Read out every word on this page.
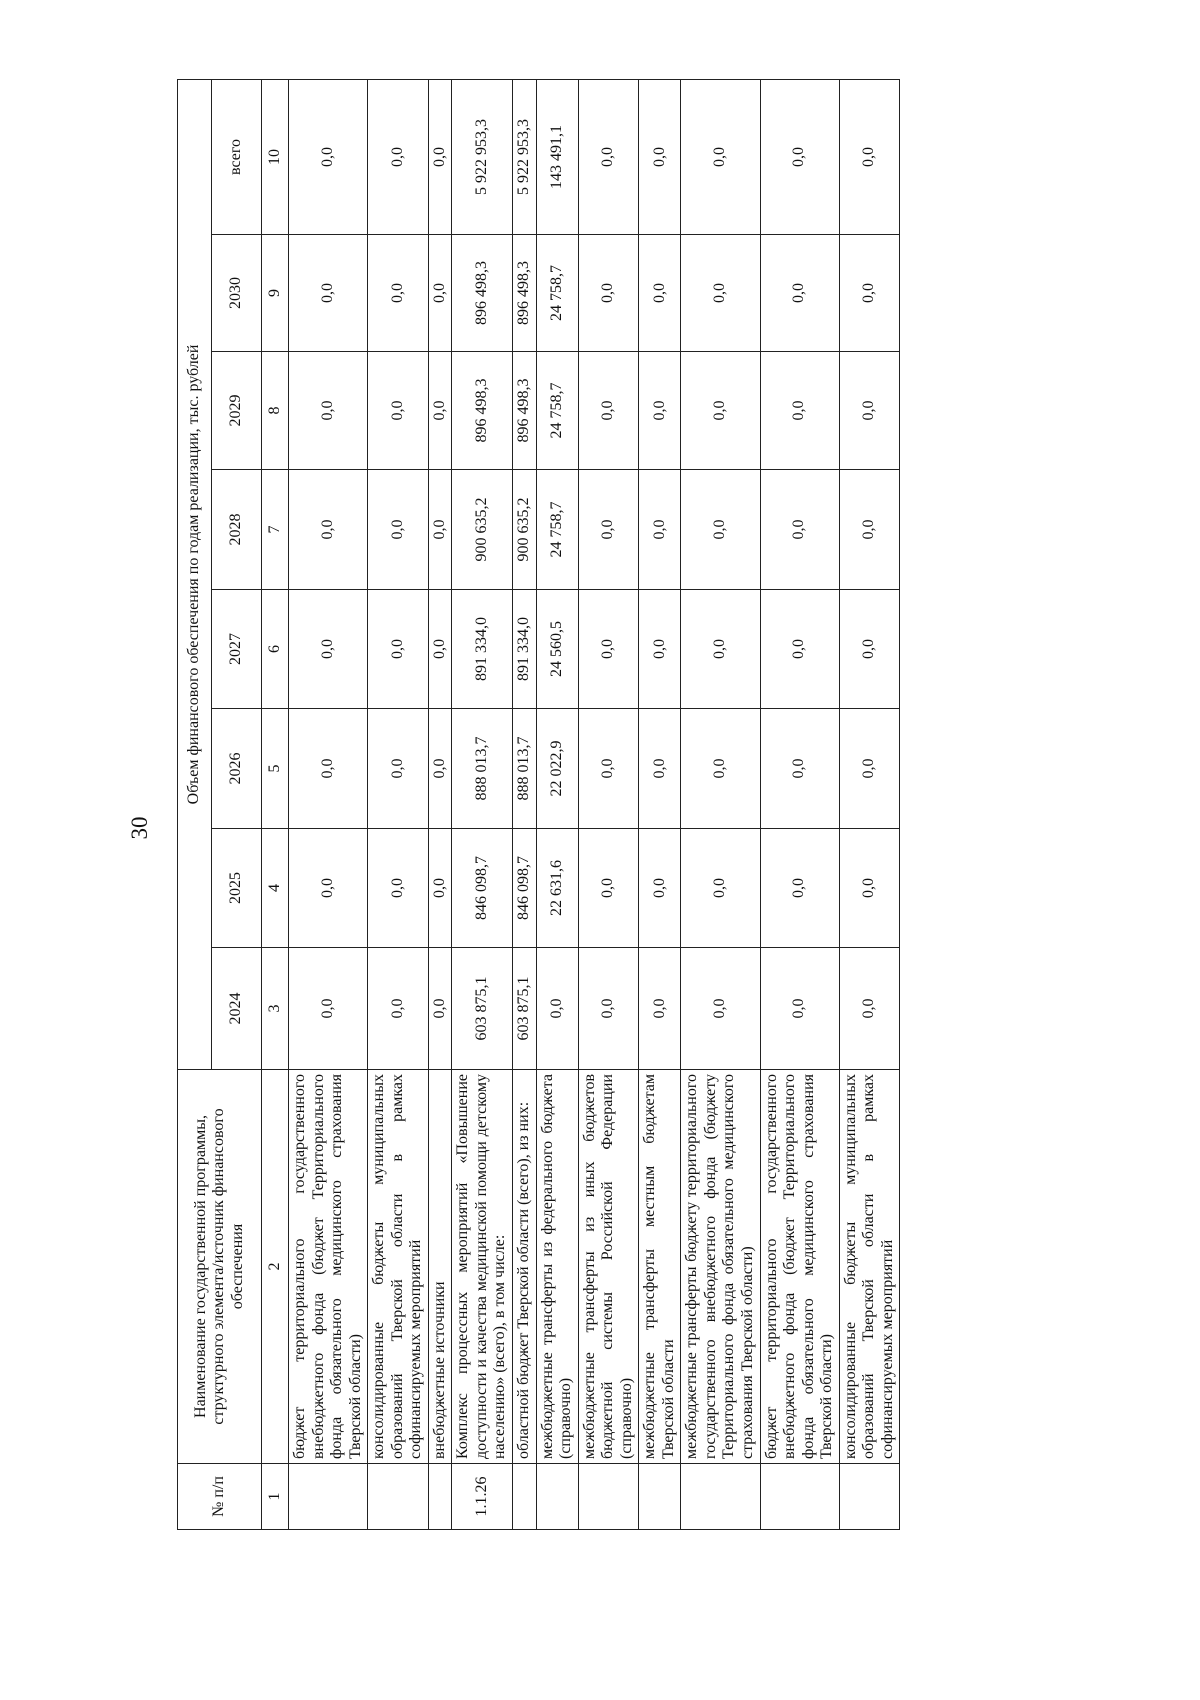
30
№ п/п	Наименование государственной программы, структурного элемента/источник финансового обеспечения	Объем финансового обеспечения по годам реализации, тыс. рублей							
		2024	2025	2026	2027	2028	2029	2030	всего
1	2	3	4	5	6	7	8	9	10
	бюджет территориального государственного внебюджетного фонда (бюджет Территориального фонда обязательного медицинского страхования Тверской области)	0,0	0,0	0,0	0,0	0,0	0,0	0,0	0,0
	консолидированные бюджеты муниципальных образований Тверской области в рамках софинансируемых мероприятий	0,0	0,0	0,0	0,0	0,0	0,0	0,0	0,0
	внебюджетные источники	0,0	0,0	0,0	0,0	0,0	0,0	0,0	0,0
1.1.26	Комплекс процессных мероприятий «Повышение доступности и качества медицинской помощи детскому населению» (всего), в том числе:	603 875,1	846 098,7	888 013,7	891 334,0	900 635,2	896 498,3	896 498,3	5 922 953,3
	областной бюджет Тверской области (всего), из них:	603 875,1	846 098,7	888 013,7	891 334,0	900 635,2	896 498,3	896 498,3	5 922 953,3
	межбюджетные трансферты из федерального бюджета (справочно)	0,0	22 631,6	22 022,9	24 560,5	24 758,7	24 758,7	24 758,7	143 491,1
	межбюджетные трансферты из иных бюджетов бюджетной системы Российской Федерации (справочно)	0,0	0,0	0,0	0,0	0,0	0,0	0,0	0,0
	межбюджетные трансферты местным бюджетам Тверской области	0,0	0,0	0,0	0,0	0,0	0,0	0,0	0,0
	межбюджетные трансферты бюджету территориального государственного внебюджетного фонда (бюджету Территориального фонда обязательного медицинского страхования Тверской области)	0,0	0,0	0,0	0,0	0,0	0,0	0,0	0,0
	бюджет территориального государственного внебюджетного фонда (бюджет Территориального фонда обязательного медицинского страхования Тверской области)	0,0	0,0	0,0	0,0	0,0	0,0	0,0	0,0
	консолидированные бюджеты муниципальных образований Тверской области в рамках софинансируемых мероприятий	0,0	0,0	0,0	0,0	0,0	0,0	0,0	0,0
